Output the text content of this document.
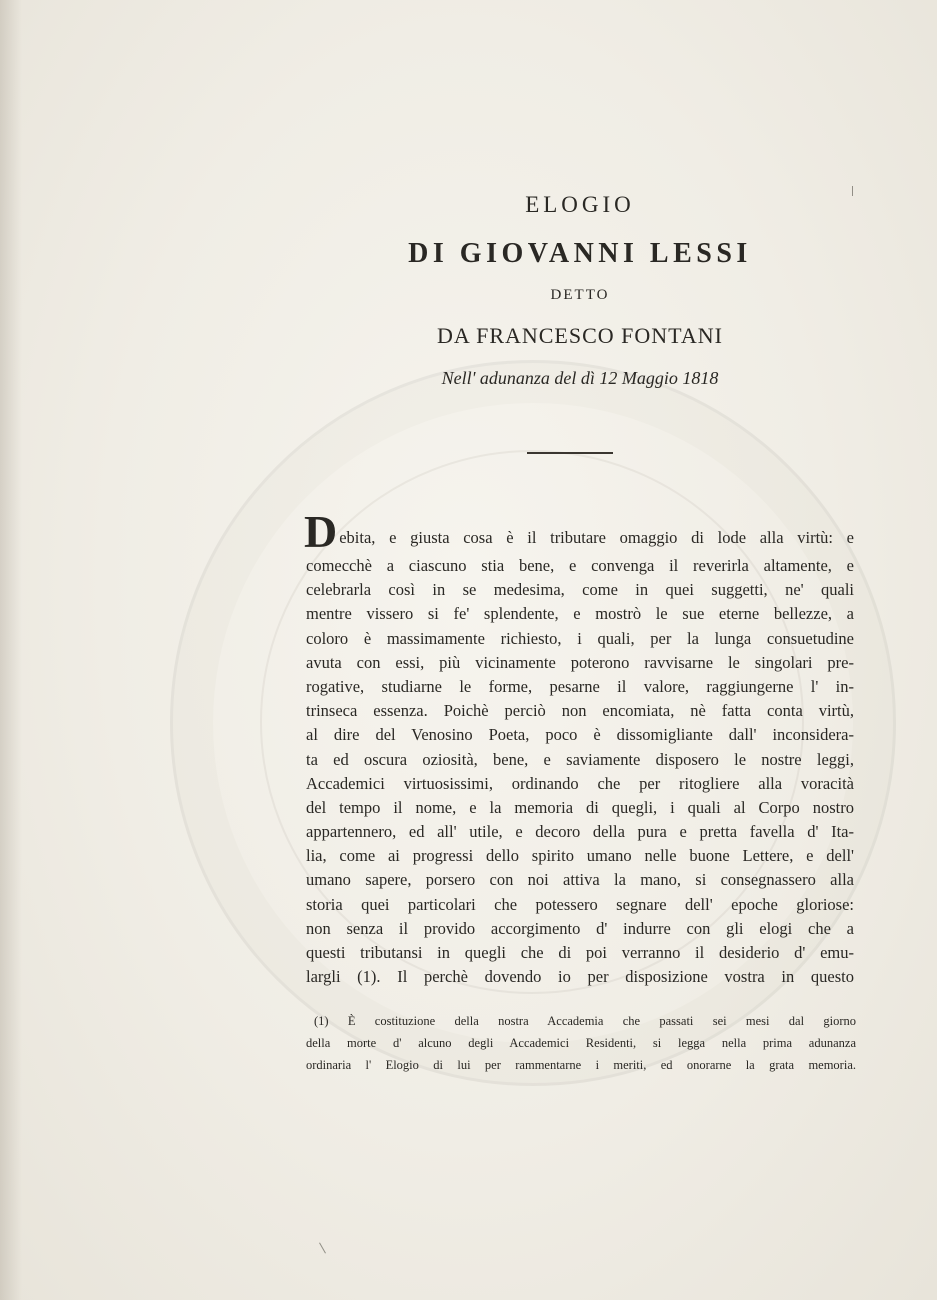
ELOGIO
DI GIOVANNI LESSI
DETTO
DA FRANCESCO FONTANI
Nell' adunanza del dì 12 Maggio 1818
D ebita, e giusta cosa è il tributare omaggio di lode alla virtù: e
comecchè a ciascuno stia bene, e convenga il reverirla altamente, e
celebrarla così in se medesima, come in quei suggetti, ne' quali
mentre vissero si fe' splendente, e mostrò le sue eterne bellezze, a
coloro è massimamente richiesto, i quali, per la lunga consuetudine
avuta con essi, più vicinamente poterono ravvisarne le singolari pre-
rogative, studiarne le forme, pesarne il valore, raggiungerne l' in-
trinseca essenza. Poichè perciò non encomiata, nè fatta conta virtù,
al dire del Venosino Poeta, poco è dissomigliante dall' inconsidera-
ta ed oscura oziosità, bene, e saviamente disposero le nostre leggi,
Accademici virtuosissimi, ordinando che per ritogliere alla voracità
del tempo il nome, e la memoria di quegli, i quali al Corpo nostro
appartennero, ed all' utile, e decoro della pura e pretta favella d' Ita-
lia, come ai progressi dello spirito umano nelle buone Lettere, e dell'
umano sapere, porsero con noi attiva la mano, si consegnassero alla
storia quei particolari che potessero segnare dell' epoche gloriose:
non senza il provido accorgimento d' indurre con gli elogi che a
questi tributansi in quegli che di poi verranno il desiderio d' emu-
largli (1). Il perchè dovendo io per disposizione vostra in questo
(1) È costituzione della nostra Accademia che passati sei mesi dal giorno
della morte d' alcuno degli Accademici Residenti, si legga nella prima adunanza
ordinaria l' Elogio di lui per rammentarne i meriti, ed onorarne la grata memoria.
